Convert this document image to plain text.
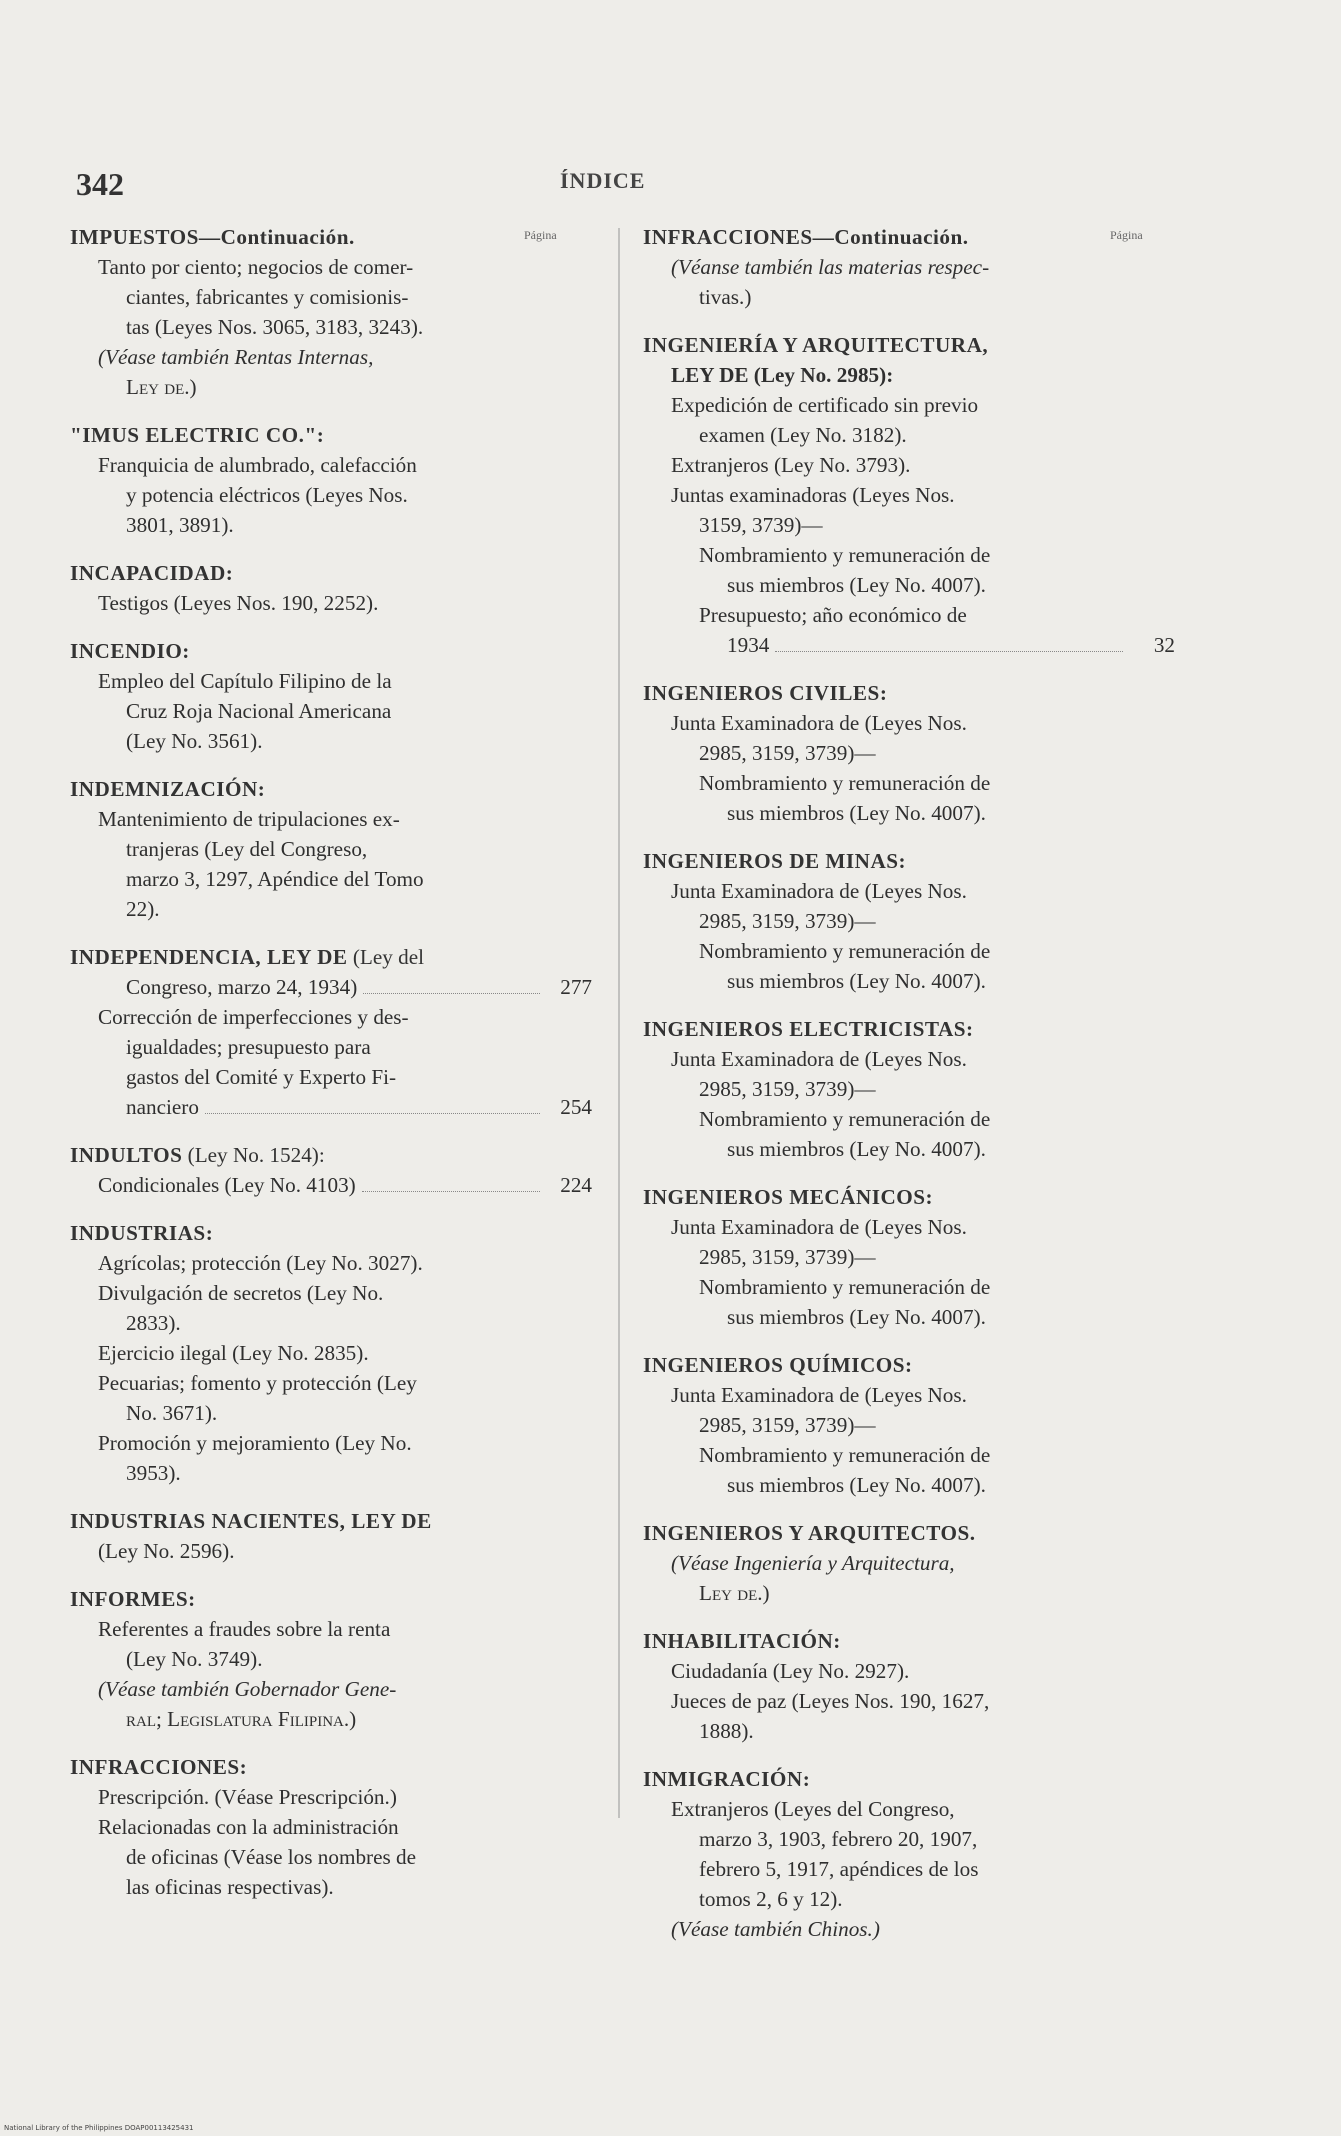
342	ÍNDICE
Página	Página
IMPUESTOS—Continuación.
Tanto por ciento; negocios de comer-
ciantes, fabricantes y comisionis-
tas (Leyes Nos. 3065, 3183, 3243).
(Véase también Rentas Internas,
Ley de.)
"IMUS ELECTRIC CO.":
Franquicia de alumbrado, calefacción
y potencia eléctricos (Leyes Nos.
3801, 3891).
INCAPACIDAD:
Testigos (Leyes Nos. 190, 2252).
INCENDIO:
Empleo del Capítulo Filipino de la
Cruz Roja Nacional Americana
(Ley No. 3561).
INDEMNIZACIÓN:
Mantenimiento de tripulaciones ex-
tranjeras (Ley del Congreso,
marzo 3, 1297, Apéndice del Tomo
22).
INDEPENDENCIA, LEY DE (Ley del
Congreso, marzo 24, 1934)	277
Corrección de imperfecciones y des-
igualdades; presupuesto para
gastos del Comité y Experto Fi-
nanciero	254
INDULTOS (Ley No. 1524):
Condicionales (Ley No. 4103)	224
INDUSTRIAS:
Agrícolas; protección (Ley No. 3027).
Divulgación de secretos (Ley No.
2833).
Ejercicio ilegal (Ley No. 2835).
Pecuarias; fomento y protección (Ley
No. 3671).
Promoción y mejoramiento (Ley No.
3953).
INDUSTRIAS NACIENTES, LEY DE
(Ley No. 2596).
INFORMES:
Referentes a fraudes sobre la renta
(Ley No. 3749).
(Véase también Gobernador Gene-
ral; Legislatura Filipina.)
INFRACCIONES:
Prescripción. (Véase Prescripción.)
Relacionadas con la administración
de oficinas (Véase los nombres de
las oficinas respectivas).
INFRACCIONES—Continuación.
(Véanse también las materias respec-
tivas.)
INGENIERÍA Y ARQUITECTURA,
LEY DE (Ley No. 2985):
Expedición de certificado sin previo
examen (Ley No. 3182).
Extranjeros (Ley No. 3793).
Juntas examinadoras (Leyes Nos.
3159, 3739)—
Nombramiento y remuneración de
sus miembros (Ley No. 4007).
Presupuesto; año económico de
1934	32
INGENIEROS CIVILES:
Junta Examinadora de (Leyes Nos.
2985, 3159, 3739)—
Nombramiento y remuneración de
sus miembros (Ley No. 4007).
INGENIEROS DE MINAS:
Junta Examinadora de (Leyes Nos.
2985, 3159, 3739)—
Nombramiento y remuneración de
sus miembros (Ley No. 4007).
INGENIEROS ELECTRICISTAS:
Junta Examinadora de (Leyes Nos.
2985, 3159, 3739)—
Nombramiento y remuneración de
sus miembros (Ley No. 4007).
INGENIEROS MECÁNICOS:
Junta Examinadora de (Leyes Nos.
2985, 3159, 3739)—
Nombramiento y remuneración de
sus miembros (Ley No. 4007).
INGENIEROS QUÍMICOS:
Junta Examinadora de (Leyes Nos.
2985, 3159, 3739)—
Nombramiento y remuneración de
sus miembros (Ley No. 4007).
INGENIEROS Y ARQUITECTOS.
(Véase Ingeniería y Arquitectura,
Ley de.)
INHABILITACIÓN:
Ciudadanía (Ley No. 2927).
Jueces de paz (Leyes Nos. 190, 1627,
1888).
INMIGRACIÓN:
Extranjeros (Leyes del Congreso,
marzo 3, 1903, febrero 20, 1907,
febrero 5, 1917, apéndices de los
tomos 2, 6 y 12).
(Véase también Chinos.)
National Library of the Philippines DOAP00113425431
